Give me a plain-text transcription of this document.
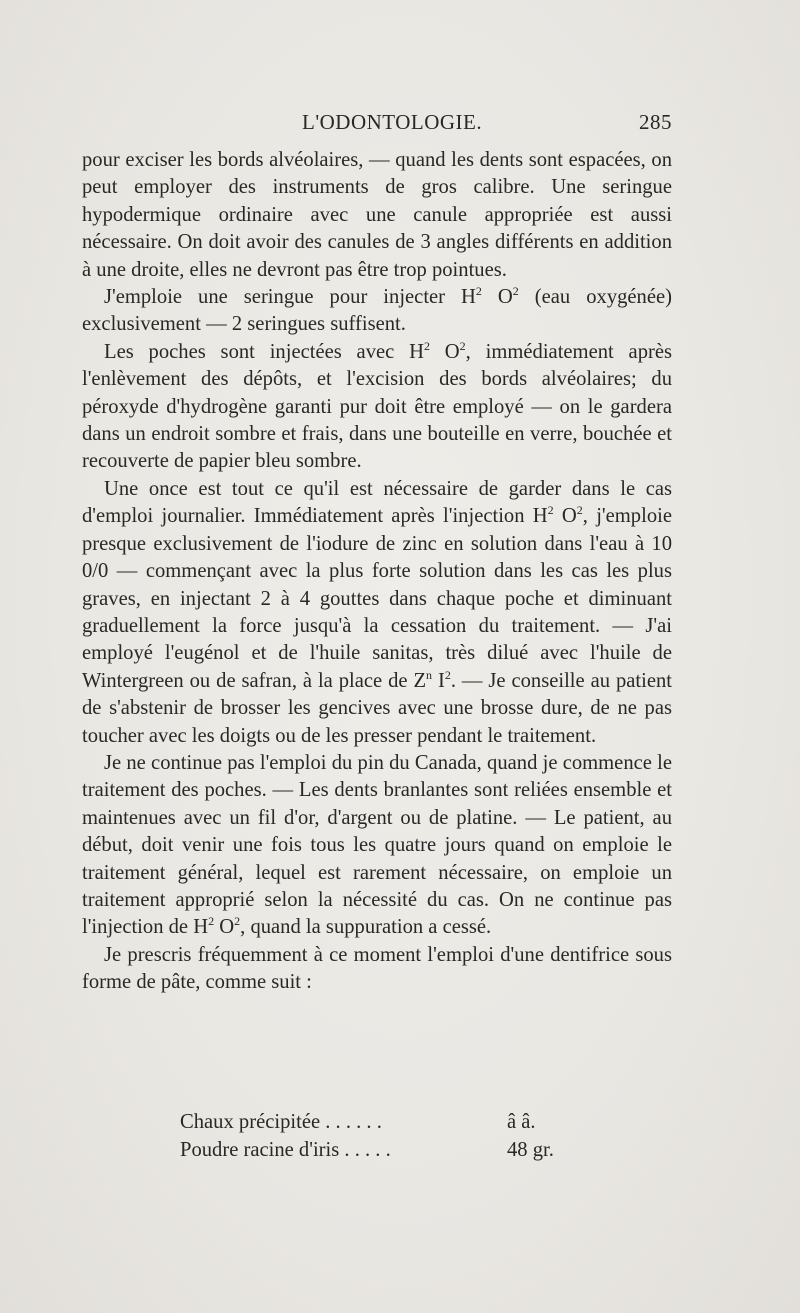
L'ODONTOLOGIE.	285

pour exciser les bords alvéolaires, — quand les dents sont espacées, on peut employer des instruments de gros calibre. Une seringue hypodermique ordinaire avec une canule appropriée est aussi nécessaire. On doit avoir des canules de 3 angles différents en addition à une droite, elles ne devront pas être trop pointues.

J'emploie une seringue pour injecter $H^2$ $O^2$ (eau oxygénée) exclusivement — 2 seringues suffisent.

Les poches sont injectées avec $H^2$ $O^2$, immédiatement après l'enlèvement des dépôts, et l'excision des bords alvéolaires; du péroxyde d'hydrogène garanti pur doit être employé — on le gardera dans un endroit sombre et frais, dans une bouteille en verre, bouchée et recouverte de papier bleu sombre.

Une once est tout ce qu'il est nécessaire de garder dans le cas d'emploi journalier. Immédiatement après l'injection $H^2$ $O^2$, j'emploie presque exclusivement de l'iodure de zinc en solution dans l'eau à 10 0/0 — commençant avec la plus forte solution dans les cas les plus graves, en injectant 2 à 4 gouttes dans chaque poche et diminuant graduellement la force jusqu'à la cessation du traitement. — J'ai employé l'eugénol et de l'huile sanitas, très dilué avec l'huile de Wintergreen ou de safran, à la place de $Z^n$ $I^2$. — Je conseille au patient de s'abstenir de brosser les gencives avec une brosse dure, de ne pas toucher avec les doigts ou de les presser pendant le traitement.

Je ne continue pas l'emploi du pin du Canada, quand je commence le traitement des poches. — Les dents branlantes sont reliées ensemble et maintenues avec un fil d'or, d'argent ou de platine. — Le patient, au début, doit venir une fois tous les quatre jours quand on emploie le traitement général, lequel est rarement nécessaire, on emploie un traitement approprié selon la nécessité du cas. On ne continue pas l'injection de $H^2$ $O^2$, quand la suppuration a cessé.

Je prescris fréquemment à ce moment l'emploi d'une dentifrice sous forme de pâte, comme suit :

Chaux précipitée . . . . . .	â â.
Poudre racine d'iris . . . . .	48 gr.
